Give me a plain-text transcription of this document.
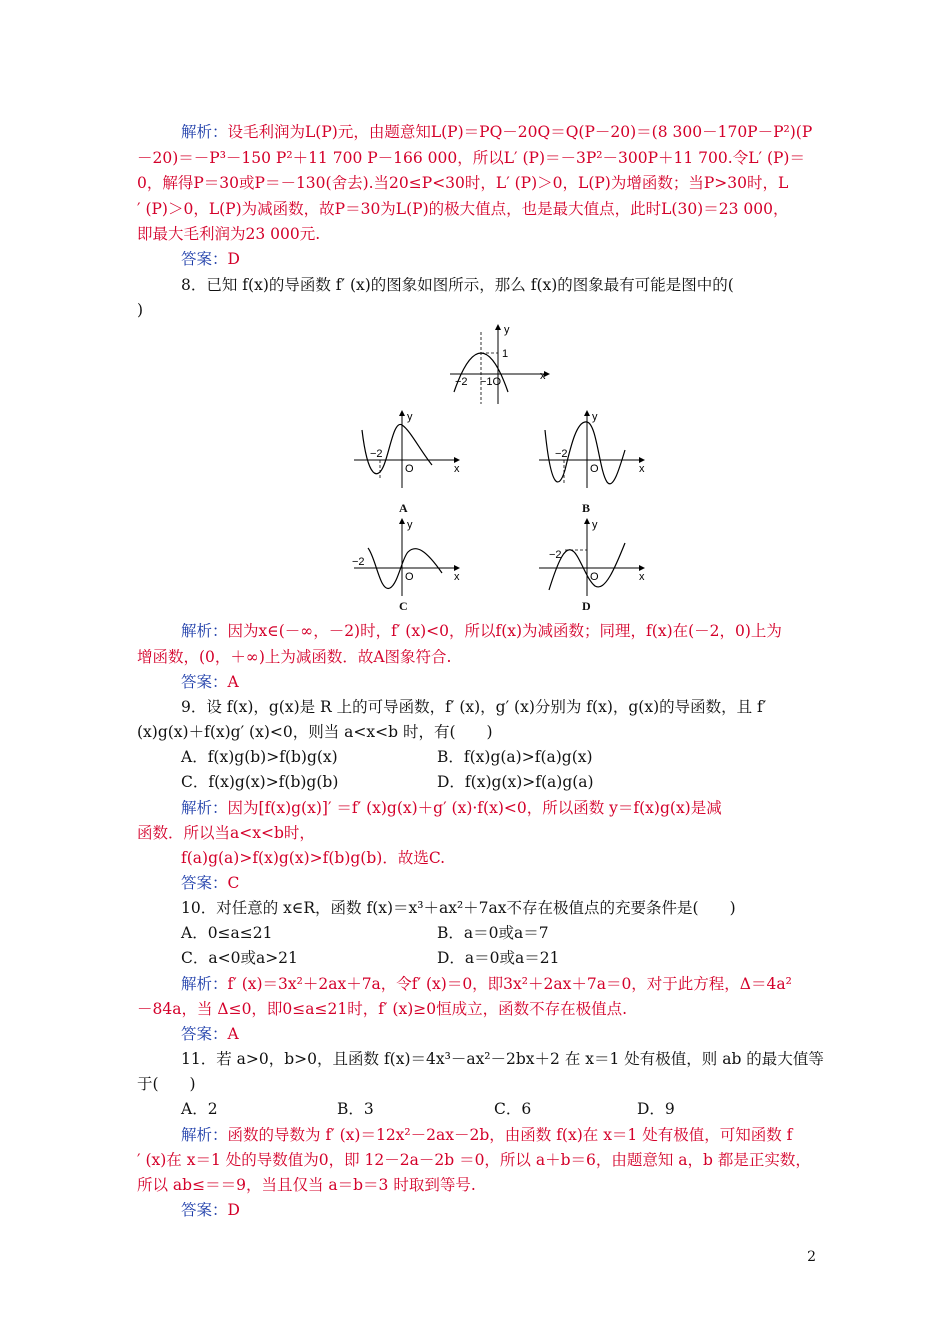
解析：设毛利润为L(P)元，由题意知L(P)＝PQ－20Q＝Q(P－20)＝(8 300－170P－P²)(P
－20)＝－P³－150 P²＋11 700 P－166 000，所以L′ (P)＝－3P²－300P＋11 700.令L′ (P)＝
0，解得P＝30或P＝－130(舍去).当20≤P<30时，L′ (P)＞0，L(P)为增函数；当P>30时，L
′ (P)＞0，L(P)为减函数，故P＝30为L(P)的极大值点，也是最大值点，此时L(30)＝23 000，
即最大毛利润为23 000元.
答案：D
8．已知 f(x)的导函数 f′ (x)的图象如图所示，那么 f(x)的图象最有可能是图中的(
)
y
x
1
−2 −1O
y
x
−2
O
A
y
x
−2
O
B
y
x
−2
O
C
y
x
−2
O
D
解析：因为x∈(－∞，－2)时，f′ (x)<0，所以f(x)为减函数；同理，f(x)在(－2，0)上为
增函数，(0，＋∞)上为减函数．故A图象符合.
答案：A
9．设 f(x)，g(x)是 R 上的可导函数，f′ (x)，g′ (x)分别为 f(x)，g(x)的导函数，且 f′
(x)g(x)＋f(x)g′ (x)<0，则当 a<x<b 时，有(　　)
A．f(x)g(b)>f(b)g(x)	B．f(x)g(a)>f(a)g(x)
C．f(x)g(x)>f(b)g(b)	D．f(x)g(x)>f(a)g(a)
解析：因为[f(x)g(x)]′ ＝f′ (x)g(x)＋g′ (x)·f(x)<0，所以函数 y＝f(x)g(x)是减
函数．所以当a<x<b时，
f(a)g(a)>f(x)g(x)>f(b)g(b)．故选C.
答案：C
10．对任意的 x∈R，函数 f(x)＝x³＋ax²＋7ax不存在极值点的充要条件是(　　)
A．0≤a≤21	B．a＝0或a＝7
C．a<0或a>21	D．a＝0或a＝21
解析：f′ (x)＝3x²＋2ax＋7a，令f′ (x)＝0，即3x²＋2ax＋7a＝0，对于此方程，Δ＝4a²
－84a，当 Δ≤0，即0≤a≤21时，f′ (x)≥0恒成立，函数不存在极值点.
答案：A
11．若 a>0，b>0，且函数 f(x)＝4x³－ax²－2bx＋2 在 x＝1 处有极值，则 ab 的最大值等
于(　　)
A．2	B．3	C．6	D．9
解析：函数的导数为 f′ (x)＝12x²－2ax－2b，由函数 f(x)在 x＝1 处有极值，可知函数 f
′ (x)在 x＝1 处的导数值为0，即 12－2a－2b ＝0，所以 a＋b＝6，由题意知 a，b 都是正实数，
所以 ab≤＝＝9，当且仅当 a＝b＝3 时取到等号.
答案：D
2
